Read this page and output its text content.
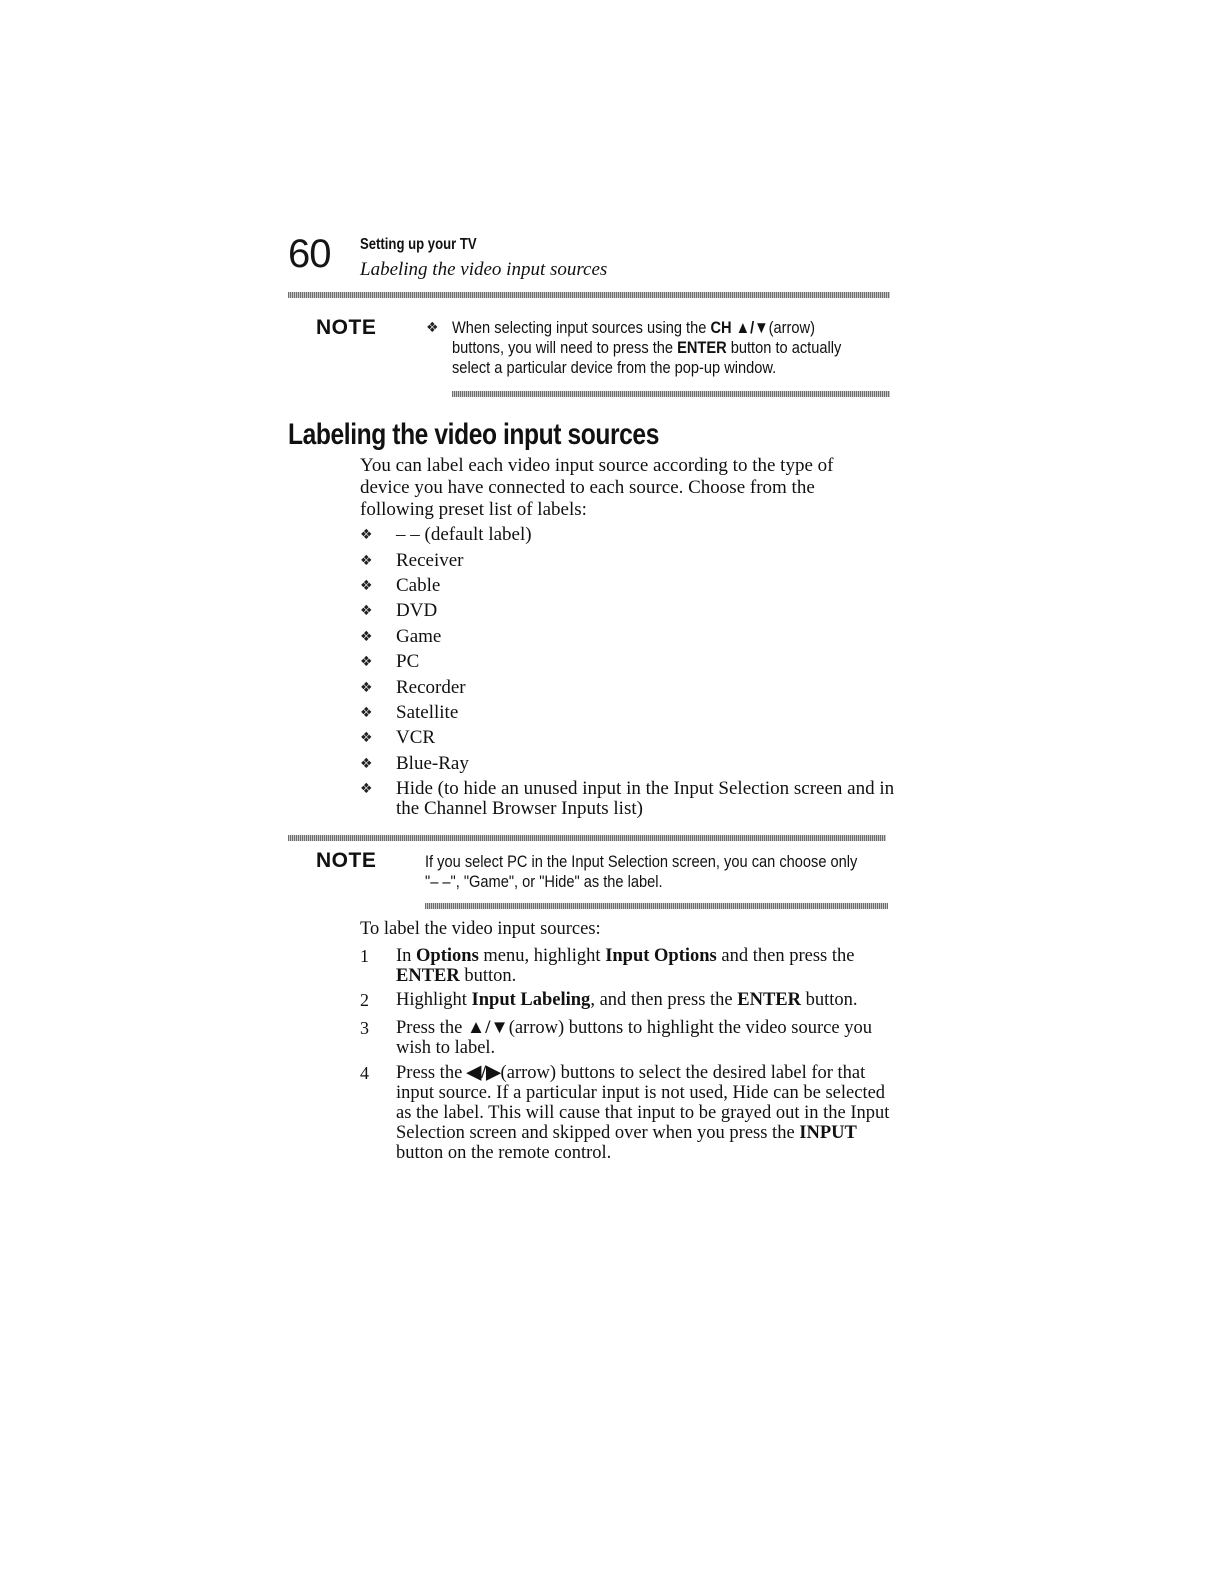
60 Setting up your TV
Labeling the video input sources
NOTE	❖ When selecting input sources using the CH ▲/▼(arrow) buttons, you will need to press the ENTER button to actually select a particular device from the pop-up window.
Labeling the video input sources
You can label each video input source according to the type of device you have connected to each source. Choose from the following preset list of labels:
❖ – – (default label)
❖ Receiver
❖ Cable
❖ DVD
❖ Game
❖ PC
❖ Recorder
❖ Satellite
❖ VCR
❖ Blue-Ray
❖ Hide (to hide an unused input in the Input Selection screen and in the Channel Browser Inputs list)
NOTE	If you select PC in the Input Selection screen, you can choose only "– –", "Game", or "Hide" as the label.
To label the video input sources:
1 In Options menu, highlight Input Options and then press the ENTER button.
2 Highlight Input Labeling, and then press the ENTER button.
3 Press the ▲/▼(arrow) buttons to highlight the video source you wish to label.
4 Press the ◀/▶(arrow) buttons to select the desired label for that input source. If a particular input is not used, Hide can be selected as the label. This will cause that input to be grayed out in the Input Selection screen and skipped over when you press the INPUT button on the remote control.
